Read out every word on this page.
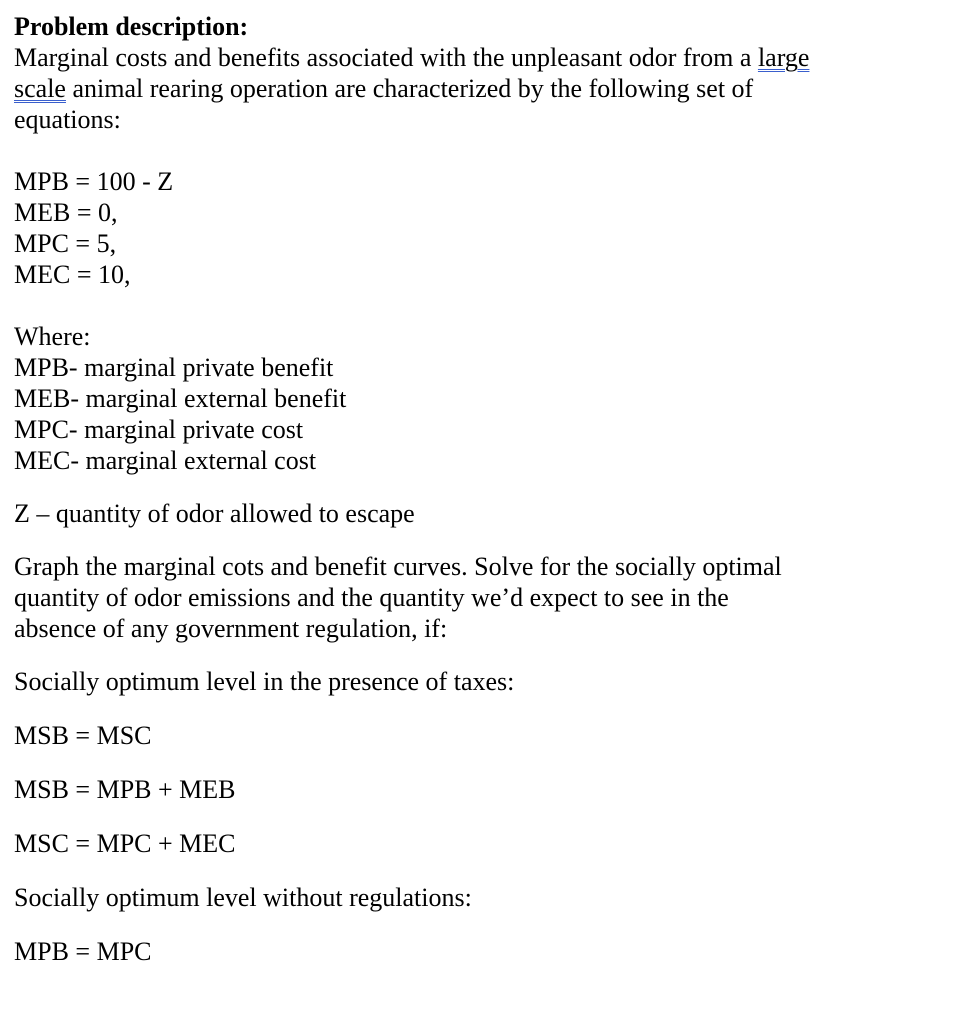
Problem description:
Marginal costs and benefits associated with the unpleasant odor from a large
scale animal rearing operation are characterized by the following set of
equations:
MPB = 100 - Z
MEB = 0,
MPC = 5,
MEC = 10,
Where:
MPB- marginal private benefit
MEB- marginal external benefit
MPC- marginal private cost
MEC- marginal external cost
Z – quantity of odor allowed to escape
Graph the marginal cots and benefit curves. Solve for the socially optimal
quantity of odor emissions and the quantity we’d expect to see in the
absence of any government regulation, if:
Socially optimum level in the presence of taxes:
MSB = MSC
MSB = MPB + MEB
MSC = MPC + MEC
Socially optimum level without regulations:
MPB = MPC
